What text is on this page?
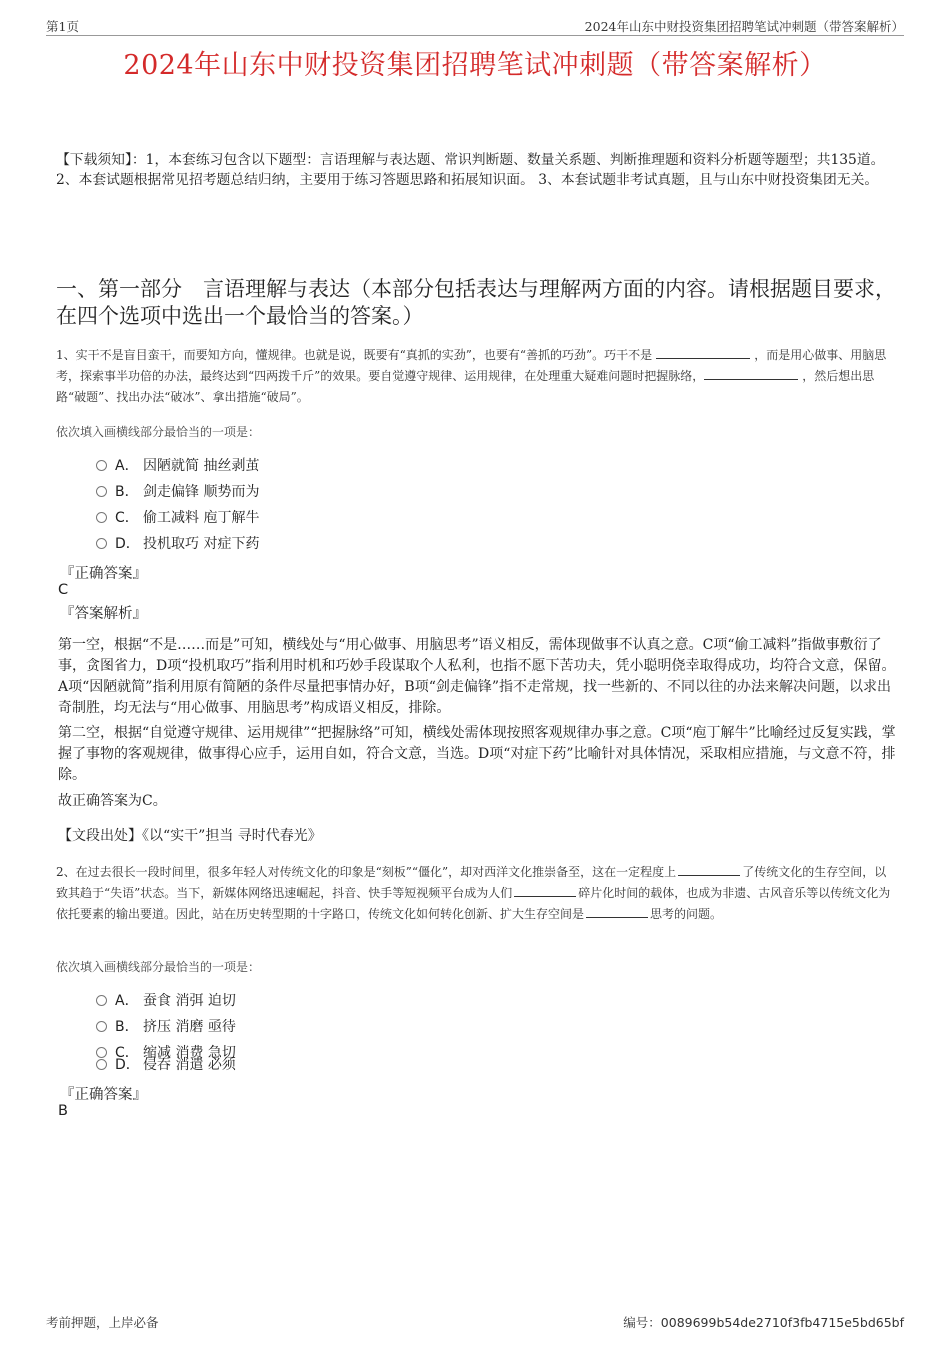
第1页	2024年山东中财投资集团招聘笔试冲刺题（带答案解析）
2024年山东中财投资集团招聘笔试冲刺题（带答案解析）
【下载须知】：1，本套练习包含以下题型：言语理解与表达题、常识判断题、数量关系题、判断推理题和资料分析题等题型；共135道。 2、本套试题根据常见招考题总结归纳，主要用于练习答题思路和拓展知识面。 3、本套试题非考试真题，且与山东中财投资集团无关。
一、第一部分　言语理解与表达（本部分包括表达与理解两方面的内容。请根据题目要求，在四个选项中选出一个最恰当的答案。）
1、实干不是盲目蛮干，而要知方向，懂规律。也就是说，既要有“真抓的实劲”，也要有“善抓的巧劲”。巧干不是	，而是用心做事、用脑思考，探索事半功倍的办法，最终达到“四两拨千斤”的效果。要自觉遵守规律、运用规律，在处理重大疑难问题时把握脉络，	，然后想出思路“破题”、找出办法“破冰”、拿出措施“破局”。
依次填入画横线部分最恰当的一项是：
A． 因陋就简 抽丝剥茧
B． 剑走偏锋 顺势而为
C． 偷工减料 庖丁解牛
D． 投机取巧 对症下药
『正确答案』
C
『答案解析』
第一空，根据“不是……而是”可知，横线处与“用心做事、用脑思考”语义相反，需体现做事不认真之意。C项“偷工减料”指做事敷衍了事，贪图省力，D项“投机取巧”指利用时机和巧妙手段谋取个人私利，也指不愿下苦功夫，凭小聪明侥幸取得成功，均符合文意，保留。A项“因陋就简”指利用原有简陋的条件尽量把事情办好，B项“剑走偏锋”指不走常规，找一些新的、不同以往的办法来解决问题，以求出奇制胜，均无法与“用心做事、用脑思考”构成语义相反，排除。
第二空，根据“自觉遵守规律、运用规律”“把握脉络”可知，横线处需体现按照客观规律办事之意。C项“庖丁解牛”比喻经过反复实践，掌握了事物的客观规律，做事得心应手，运用自如，符合文意，当选。D项“对症下药”比喻针对具体情况，采取相应措施，与文意不符，排除。
故正确答案为C。
【文段出处】《以“实干”担当 寻时代春光》
2、在过去很长一段时间里，很多年轻人对传统文化的印象是“刻板”“僵化”，却对西洋文化推崇备至，这在一定程度上	了传统文化的生存空间，以致其趋于“失语”状态。当下，新媒体网络迅速崛起，抖音、快手等短视频平台成为人们	碎片化时间的载体，也成为非遗、古风音乐等以传统文化为依托要素的输出要道。因此，站在历史转型期的十字路口，传统文化如何转化创新、扩大生存空间是	思考的问题。
依次填入画横线部分最恰当的一项是：
A． 蚕食 消弭 迫切
B． 挤压 消磨 亟待
C． 缩减 消费 急切
D． 侵吞 消遣 必须
『正确答案』
B
考前押题，上岸必备	编号：0089699b54de2710f3fb4715e5bd65bf
